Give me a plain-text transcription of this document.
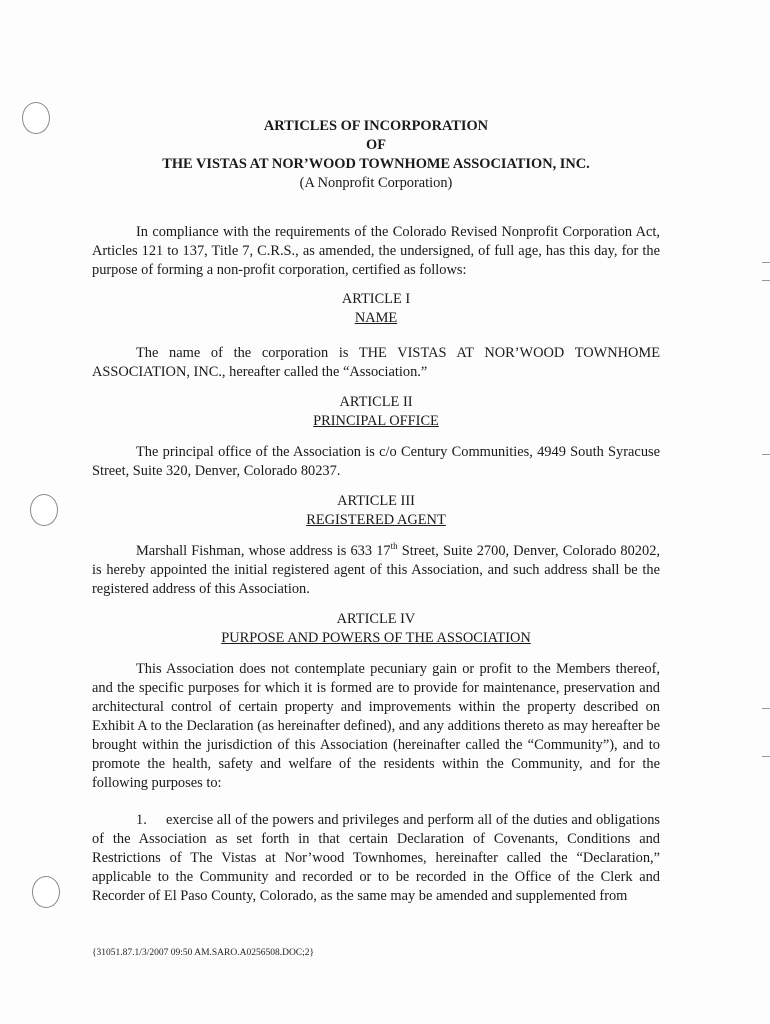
ARTICLES OF INCORPORATION
OF
THE VISTAS AT NOR’WOOD TOWNHOME ASSOCIATION, INC.
(A Nonprofit Corporation)

In compliance with the requirements of the Colorado Revised Nonprofit Corporation Act, Articles 121 to 137, Title 7, C.R.S., as amended, the undersigned, of full age, has this day, for the purpose of forming a non-profit corporation, certified as follows:

ARTICLE I
NAME

The name of the corporation is THE VISTAS AT NOR’WOOD TOWNHOME ASSOCIATION, INC., hereafter called the “Association.”

ARTICLE II
PRINCIPAL OFFICE

The principal office of the Association is c/o Century Communities, 4949 South Syracuse Street, Suite 320, Denver, Colorado 80237.

ARTICLE III
REGISTERED AGENT

Marshall Fishman, whose address is 633 17th Street, Suite 2700, Denver, Colorado 80202, is hereby appointed the initial registered agent of this Association, and such address shall be the registered address of this Association.

ARTICLE IV
PURPOSE AND POWERS OF THE ASSOCIATION

This Association does not contemplate pecuniary gain or profit to the Members thereof, and the specific purposes for which it is formed are to provide for maintenance, preservation and architectural control of certain property and improvements within the property described on Exhibit A to the Declaration (as hereinafter defined), and any additions thereto as may hereafter be brought within the jurisdiction of this Association (hereinafter called the “Community”), and to promote the health, safety and welfare of the residents within the Community, and for the following purposes to:

1. exercise all of the powers and privileges and perform all of the duties and obligations of the Association as set forth in that certain Declaration of Covenants, Conditions and Restrictions of The Vistas at Nor’wood Townhomes, hereinafter called the “Declaration,” applicable to the Community and recorded or to be recorded in the Office of the Clerk and Recorder of El Paso County, Colorado, as the same may be amended and supplemented from

{31051.87.1/3/2007 09:50 AM.SARO.A0256508.DOC;2}
